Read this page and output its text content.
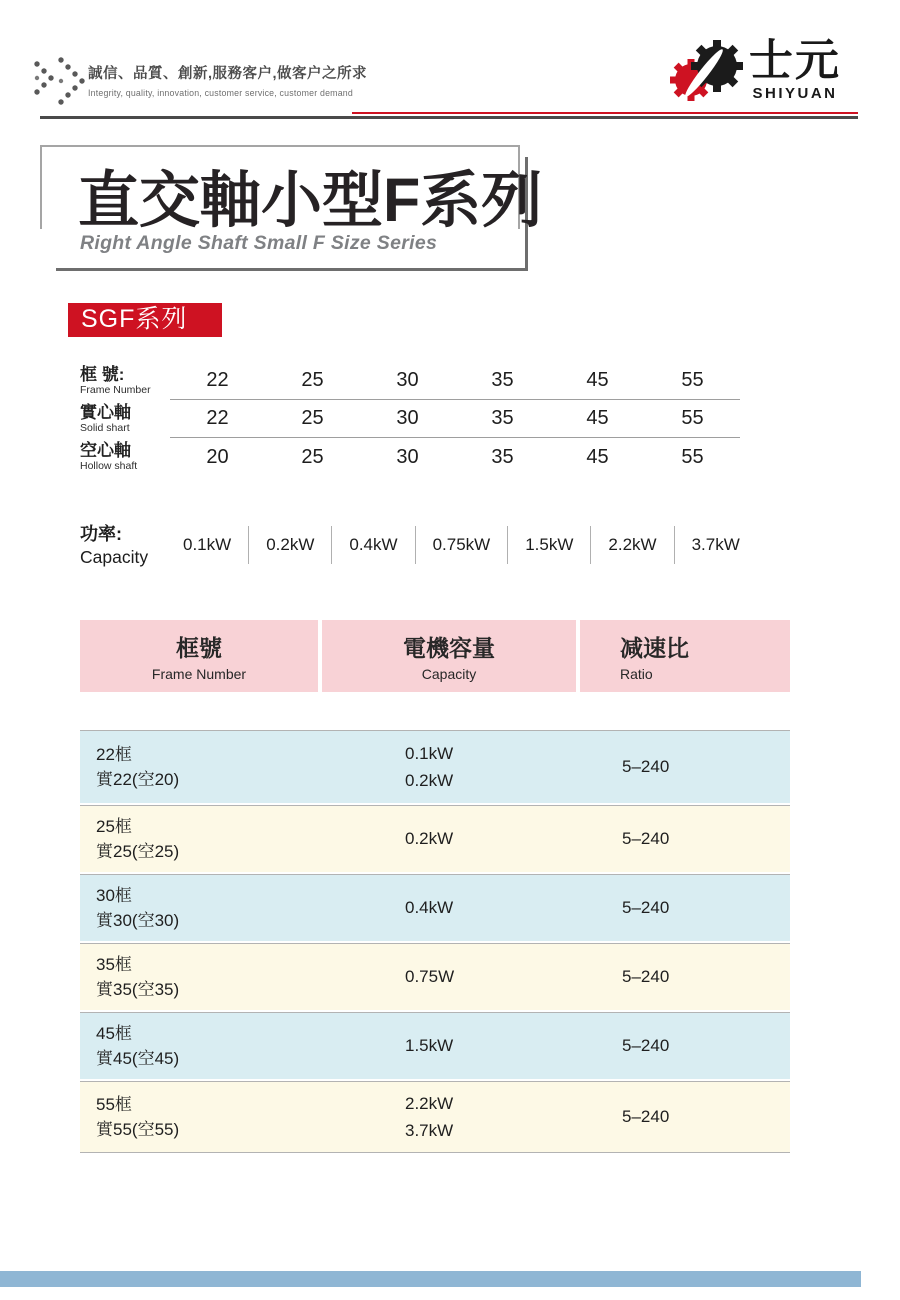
誠信、品質、創新,服務客户,做客户之所求
Integrity, quality, innovation, customer service, customer demand
士元
SHIYUAN
直交軸小型F系列
Right Angle Shaft Small F Size Series
SGF系列
框 號:
Frame Number	22	25	30	35	45	55
實心軸
Solid shart	22	25	30	35	45	55
空心軸
Hollow shaft	20	25	30	35	45	55
功率:
Capacity
0.1kW	0.2kW	0.4kW	0.75kW	1.5kW	2.2kW	3.7kW
框號
Frame Number
電機容量
Capacity
减速比
Ratio
22框
實22(空20)
0.1kW
0.2kW
5–240
25框
實25(空25)
0.2kW	5–240
30框
實30(空30)
0.4kW	5–240
35框
實35(空35)
0.75W	5–240
45框
實45(空45)
1.5kW	5–240
55框
實55(空55)
2.2kW
3.7kW
5–240
